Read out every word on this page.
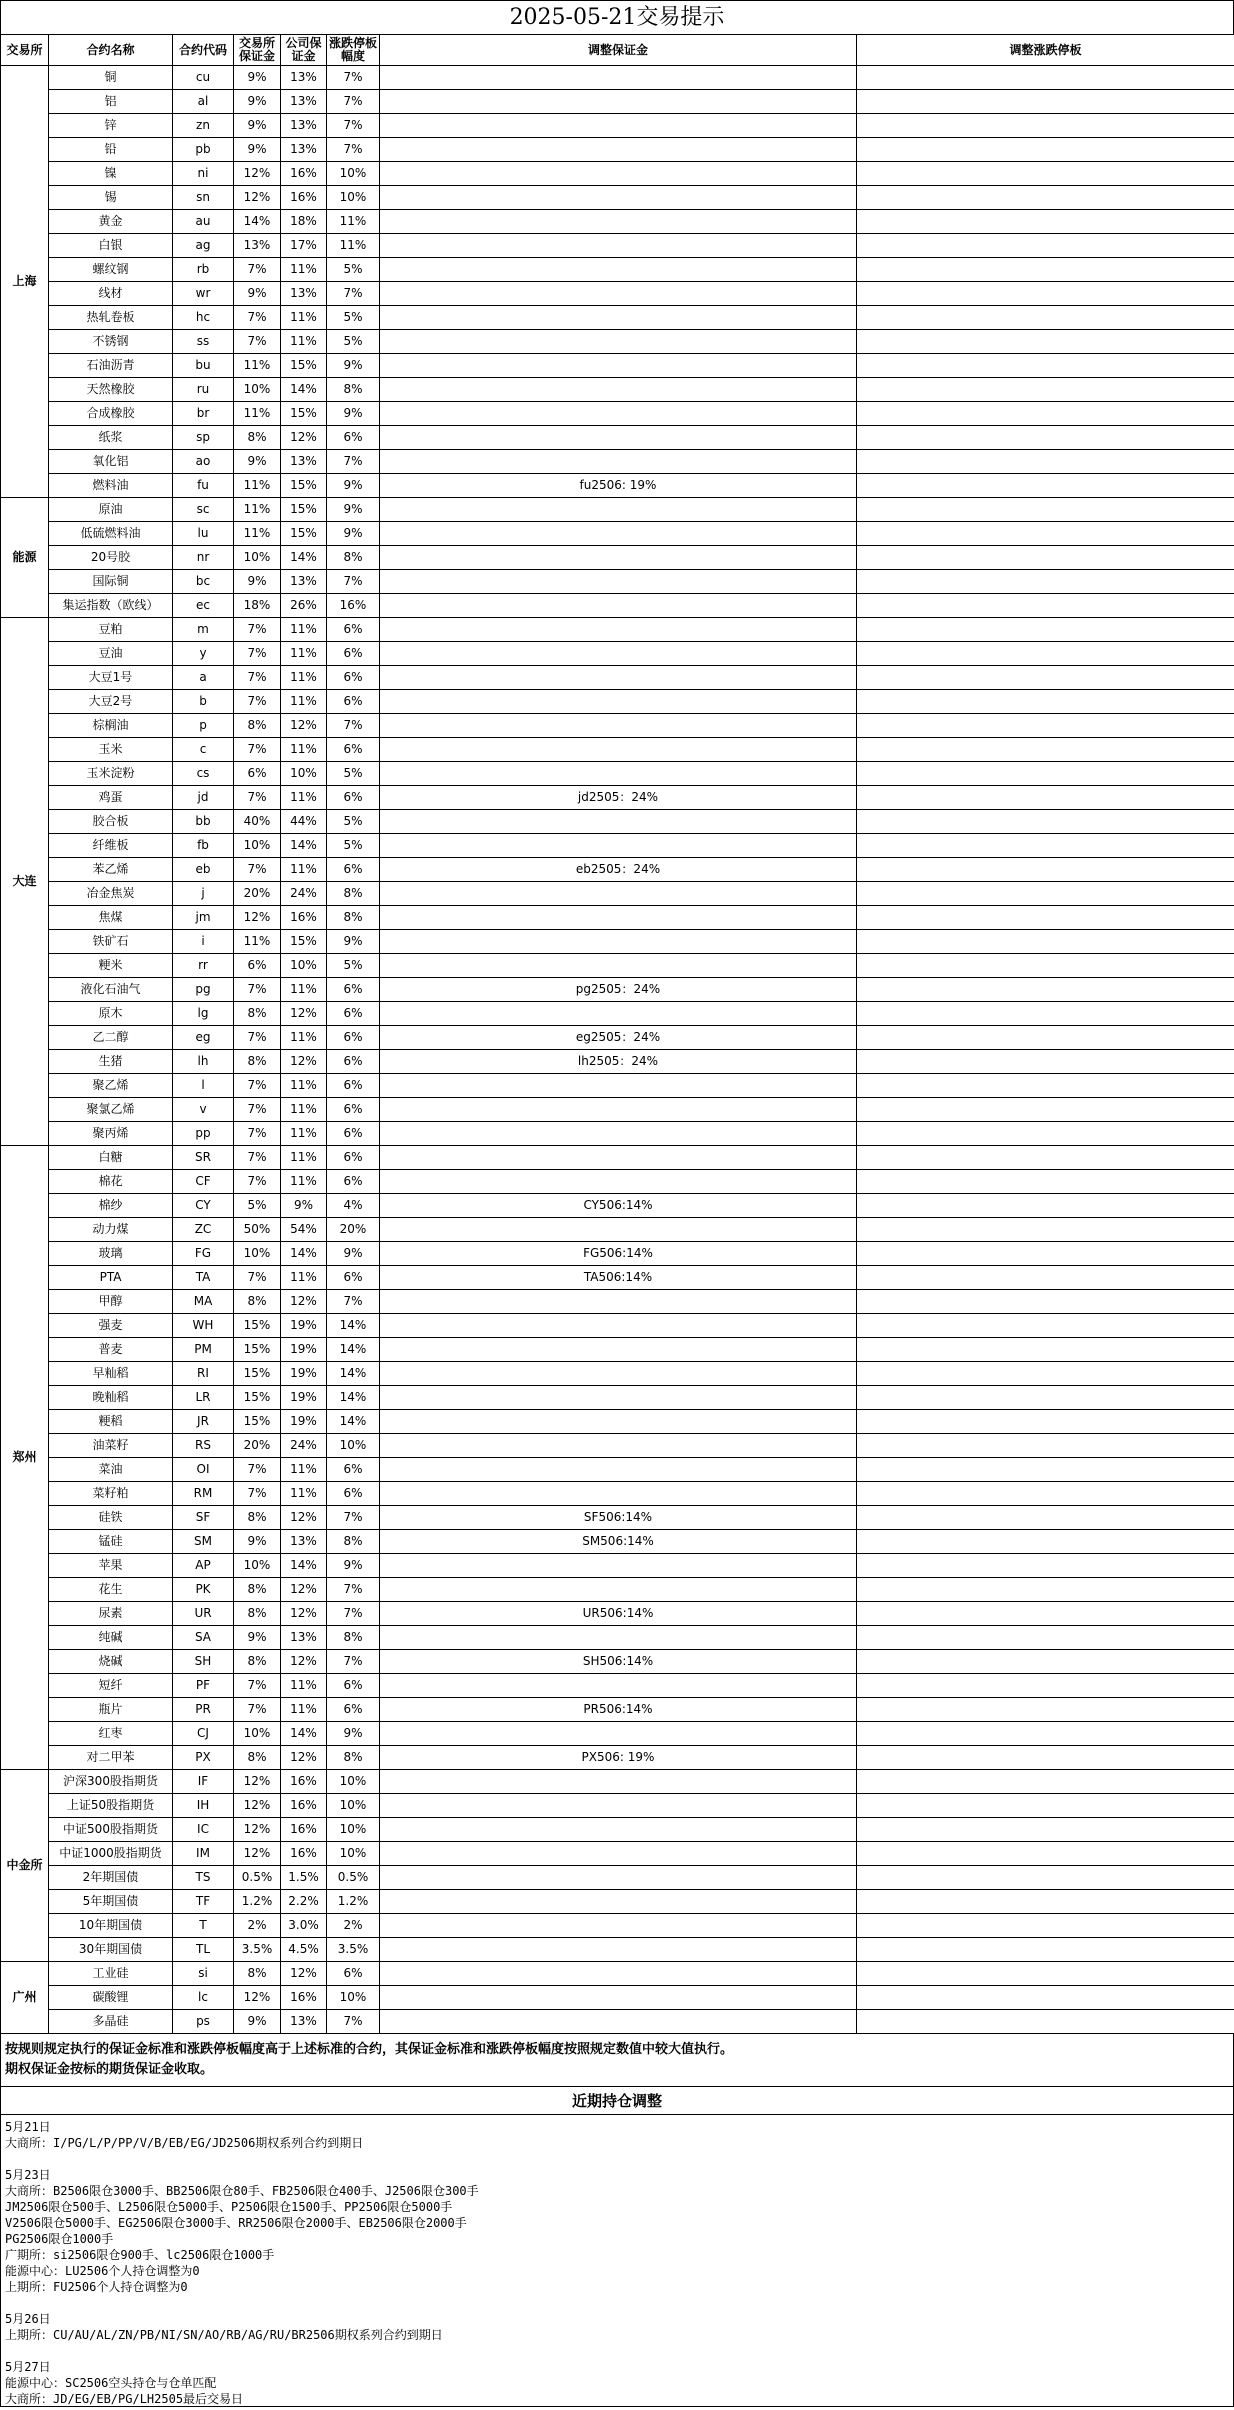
2025-05-21交易提示
交易所	合约名称	合约代码	交易所保证金	公司保证金	涨跌停板幅度	调整保证金	调整涨跌停板
上海	铜	cu	9%	13%	7%		
	铝	al	9%	13%	7%		
	锌	zn	9%	13%	7%		
	铅	pb	9%	13%	7%		
	镍	ni	12%	16%	10%		
	锡	sn	12%	16%	10%		
	黄金	au	14%	18%	11%		
	白银	ag	13%	17%	11%		
	螺纹钢	rb	7%	11%	5%		
	线材	wr	9%	13%	7%		
	热轧卷板	hc	7%	11%	5%		
	不锈钢	ss	7%	11%	5%		
	石油沥青	bu	11%	15%	9%		
	天然橡胶	ru	10%	14%	8%		
	合成橡胶	br	11%	15%	9%		
	纸浆	sp	8%	12%	6%		
	氧化铝	ao	9%	13%	7%		
	燃料油	fu	11%	15%	9%	fu2506: 19%	
能源	原油	sc	11%	15%	9%		
	低硫燃料油	lu	11%	15%	9%		
	20号胶	nr	10%	14%	8%		
	国际铜	bc	9%	13%	7%		
	集运指数（欧线）	ec	18%	26%	16%		
大连	豆粕	m	7%	11%	6%		
	豆油	y	7%	11%	6%		
	大豆1号	a	7%	11%	6%		
	大豆2号	b	7%	11%	6%		
	棕榈油	p	8%	12%	7%		
	玉米	c	7%	11%	6%		
	玉米淀粉	cs	6%	10%	5%		
	鸡蛋	jd	7%	11%	6%	jd2505：24%	
	胶合板	bb	40%	44%	5%		
	纤维板	fb	10%	14%	5%		
	苯乙烯	eb	7%	11%	6%	eb2505：24%	
	冶金焦炭	j	20%	24%	8%		
	焦煤	jm	12%	16%	8%		
	铁矿石	i	11%	15%	9%		
	粳米	rr	6%	10%	5%		
	液化石油气	pg	7%	11%	6%	pg2505：24%	
	原木	lg	8%	12%	6%		
	乙二醇	eg	7%	11%	6%	eg2505：24%	
	生猪	lh	8%	12%	6%	lh2505：24%	
	聚乙烯	l	7%	11%	6%		
	聚氯乙烯	v	7%	11%	6%		
	聚丙烯	pp	7%	11%	6%		
郑州	白糖	SR	7%	11%	6%		
	棉花	CF	7%	11%	6%		
	棉纱	CY	5%	9%	4%	CY506:14%	
	动力煤	ZC	50%	54%	20%		
	玻璃	FG	10%	14%	9%	FG506:14%	
	PTA	TA	7%	11%	6%	TA506:14%	
	甲醇	MA	8%	12%	7%		
	强麦	WH	15%	19%	14%		
	普麦	PM	15%	19%	14%		
	早籼稻	RI	15%	19%	14%		
	晚籼稻	LR	15%	19%	14%		
	粳稻	JR	15%	19%	14%		
	油菜籽	RS	20%	24%	10%		
	菜油	OI	7%	11%	6%		
	菜籽粕	RM	7%	11%	6%		
	硅铁	SF	8%	12%	7%	SF506:14%	
	锰硅	SM	9%	13%	8%	SM506:14%	
	苹果	AP	10%	14%	9%		
	花生	PK	8%	12%	7%		
	尿素	UR	8%	12%	7%	UR506:14%	
	纯碱	SA	9%	13%	8%		
	烧碱	SH	8%	12%	7%	SH506:14%	
	短纤	PF	7%	11%	6%		
	瓶片	PR	7%	11%	6%	PR506:14%	
	红枣	CJ	10%	14%	9%		
	对二甲苯	PX	8%	12%	8%	PX506: 19%	
中金所	沪深300股指期货	IF	12%	16%	10%		
	上证50股指期货	IH	12%	16%	10%		
	中证500股指期货	IC	12%	16%	10%		
	中证1000股指期货	IM	12%	16%	10%		
	2年期国债	TS	0.5%	1.5%	0.5%		
	5年期国债	TF	1.2%	2.2%	1.2%		
	10年期国债	T	2%	3.0%	2%		
	30年期国债	TL	3.5%	4.5%	3.5%		
广州	工业硅	si	8%	12%	6%		
	碳酸锂	lc	12%	16%	10%		
	多晶硅	ps	9%	13%	7%		
按规则规定执行的保证金标准和涨跌停板幅度高于上述标准的合约，其保证金标准和涨跌停板幅度按照规定数值中较大值执行。
期权保证金按标的期货保证金收取。
近期持仓调整
5月21日
大商所：I/PG/L/P/PP/V/B/EB/EG/JD2506期权系列合约到期日
5月23日
大商所：B2506限仓3000手、BB2506限仓80手、FB2506限仓400手、J2506限仓300手
JM2506限仓500手、L2506限仓5000手、P2506限仓1500手、PP2506限仓5000手
V2506限仓5000手、EG2506限仓3000手、RR2506限仓2000手、EB2506限仓2000手
PG2506限仓1000手
广期所：si2506限仓900手、lc2506限仓1000手
能源中心：LU2506个人持仓调整为0
上期所：FU2506个人持仓调整为0
5月26日
上期所：CU/AU/AL/ZN/PB/NI/SN/AO/RB/AG/RU/BR2506期权系列合约到期日
5月27日
能源中心：SC2506空头持仓与仓单匹配
大商所：JD/EG/EB/PG/LH2505最后交易日
